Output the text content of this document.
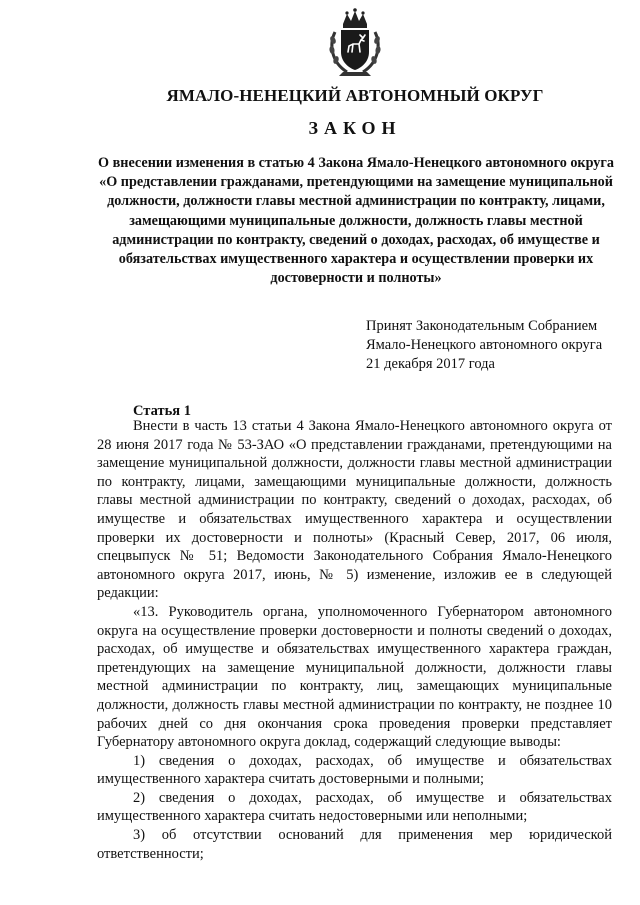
ЯМАЛО-НЕНЕЦКИЙ АВТОНОМНЫЙ ОКРУГ
ЗАКОН
О внесении изменения в статью 4 Закона Ямало-Ненецкого автономного округа «О представлении гражданами, претендующими на замещение муниципальной должности, должности главы местной администрации по контракту, лицами, замещающими муниципальные должности, должность главы местной администрации по контракту, сведений о доходах, расходах, об имуществе и обязательствах имущественного характера и осуществлении проверки их достоверности и полноты»
Принят Законодательным Собранием
Ямало-Ненецкого автономного округа
21 декабря 2017 года
Статья 1

Внести в часть 13 статьи 4 Закона Ямало-Ненецкого автономного округа от 28 июня 2017 года № 53-ЗАО «О представлении гражданами, претендующими на замещение муниципальной должности, должности главы местной администрации по контракту, лицами, замещающими муниципальные должности, должность главы местной администрации по контракту, сведений о доходах, расходах, об имуществе и обязательствах имущественного характера и осуществлении проверки их достоверности и полноты» (Красный Север, 2017, 06 июля, спецвыпуск № 51; Ведомости Законодательного Собрания Ямало-Ненецкого автономного округа 2017, июнь, № 5) изменение, изложив ее в следующей редакции:

«13. Руководитель органа, уполномоченного Губернатором автономного округа на осуществление проверки достоверности и полноты сведений о доходах, расходах, об имуществе и обязательствах имущественного характера граждан, претендующих на замещение муниципальной должности, должности главы местной администрации по контракту, лиц, замещающих муниципальные должности, должность главы местной администрации по контракту, не позднее 10 рабочих дней со дня окончания срока проведения проверки представляет Губернатору автономного округа доклад, содержащий следующие выводы:

1) сведения о доходах, расходах, об имуществе и обязательствах имущественного характера считать достоверными и полными;

2) сведения о доходах, расходах, об имуществе и обязательствах имущественного характера считать недостоверными или неполными;

3) об отсутствии оснований для применения мер юридической ответственности;
